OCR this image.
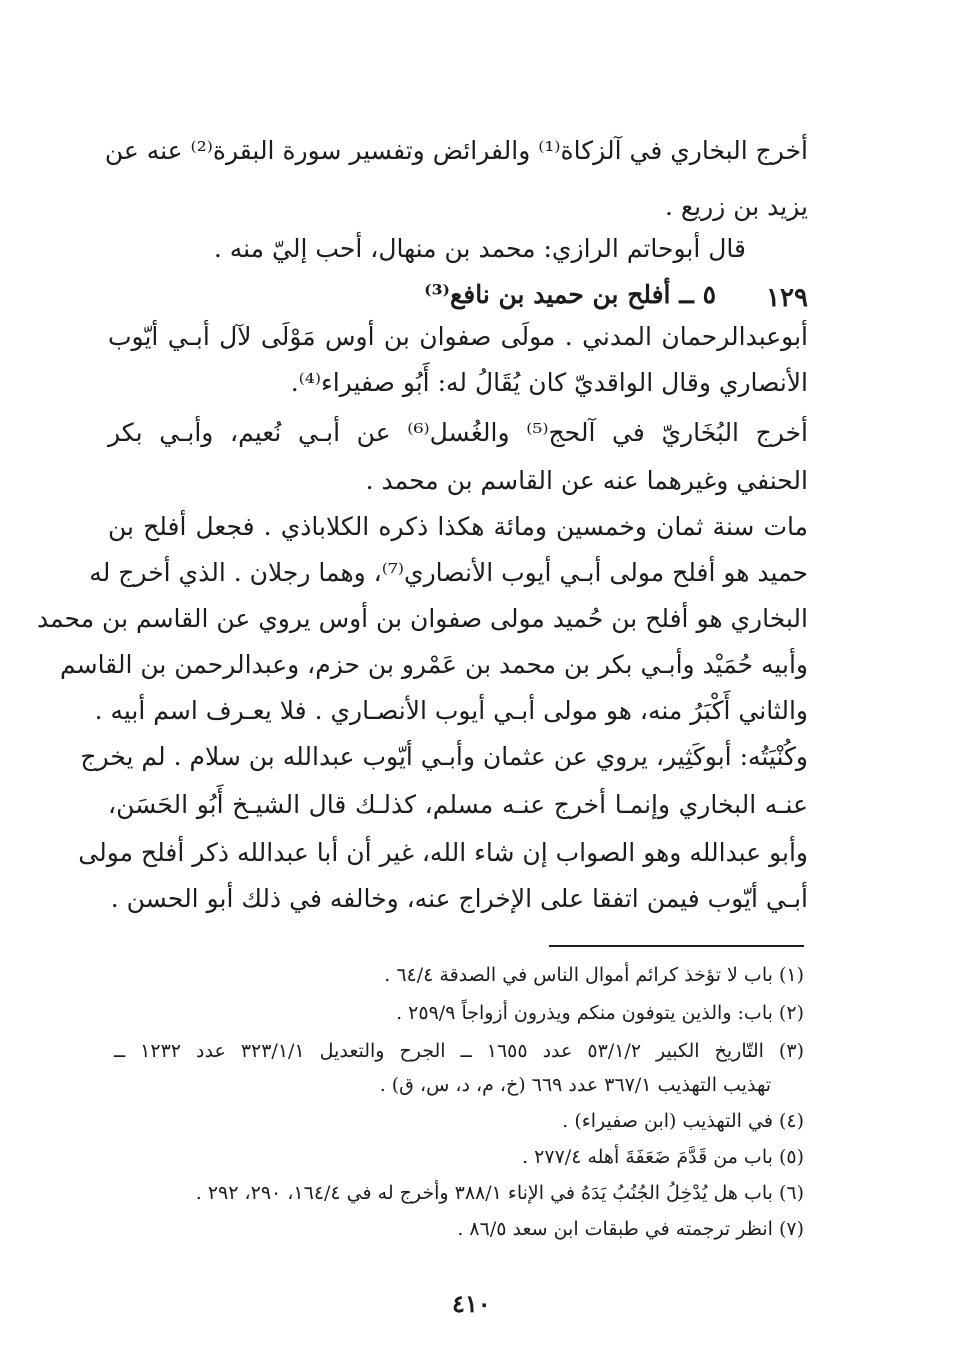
أخرج البخاري في آلزكاة⁽¹⁾ والفرائض وتفسير سورة البقرة⁽²⁾ عنه عن
يزيد بن زريع .
قال أبوحاتم الرازي: محمد بن منهال، أحب إليّ منه .
١٢٩
٥ ــ أفلح بن حميد بن نافع⁽³⁾
أبوعبدالرحمان المدني . مولَى صفوان بن أوس مَوْلَى لآل أبـي أيّوب
الأنصاري وقال الواقديّ كان يُقَالُ له: أَبُو صفيراء⁽⁴⁾.
أخرج البُخَاريّ في آلحج⁽⁵⁾ والغُسل⁽⁶⁾ عن أبـي نُعيم، وأبـي بكر
الحنفي وغيرهما عنه عن القاسم بن محمد .
مات سنة ثمان وخمسين ومائة هكذا ذكره الكلاباذي . فجعل أفلح بن
حميد هو أفلح مولى أبـي أيوب الأنصاري⁽⁷⁾، وهما رجلان . الذي أخرج له
البخاري هو أفلح بن حُميد مولى صفوان بن أوس يروي عن القاسم بن محمد
وأبيه حُمَيْد وأبـي بكر بن محمد بن عَمْرو بن حزم، وعبدالرحمن بن القاسم
والثاني أَكْبَرُ منه، هو مولى أبـي أيوب الأنصـاري . فلا يعـرف اسم أبيه .
وكُنْيَتُه: أبوكَثِير، يروي عن عثمان وأبـي أيّوب عبدالله بن سلام . لم يخرج
عنـه البخاري وإنمـا أخرج عنـه مسلم، كذلـك قال الشيـخ أَبُو الحَسَن،
وأبو عبدالله وهو الصواب إن شاء الله، غير أن أبا عبدالله ذكر أفلح مولى
أبـي أيّوب فيمن اتفقا على الإخراج عنه، وخالفه في ذلك أبو الحسن .
(١) باب لا تؤخذ كرائم أموال الناس في الصدقة ٦٤/٤ .
(٢) باب: والذين يتوفون منكم ويذرون أزواجاً ٢٥٩/٩ .
(٣) التّاريخ الكبير ٥٣/١/٢ عدد ١٦٥٥ ــ الجرح والتعديل ٣٢٣/١/١ عدد ١٢٣٢ ــ
تهذيب التهذيب ٣٦٧/١ عدد ٦٦٩ (خ، م، د، س، ق) .
(٤) في التهذيب (ابن صفيراء) .
(٥) باب من قَدَّمَ ضَعَفَةَ أهله ٢٧٧/٤ .
(٦) باب هل يُدْخِلُ الجُنُبُ يَدَهُ في الإناء ٣٨٨/١ وأخرج له في ١٦٤/٤، ٢٩٠، ٢٩٢ .
(٧) انظر ترجمته في طبقات ابن سعد ٨٦/٥ .
٤١٠
